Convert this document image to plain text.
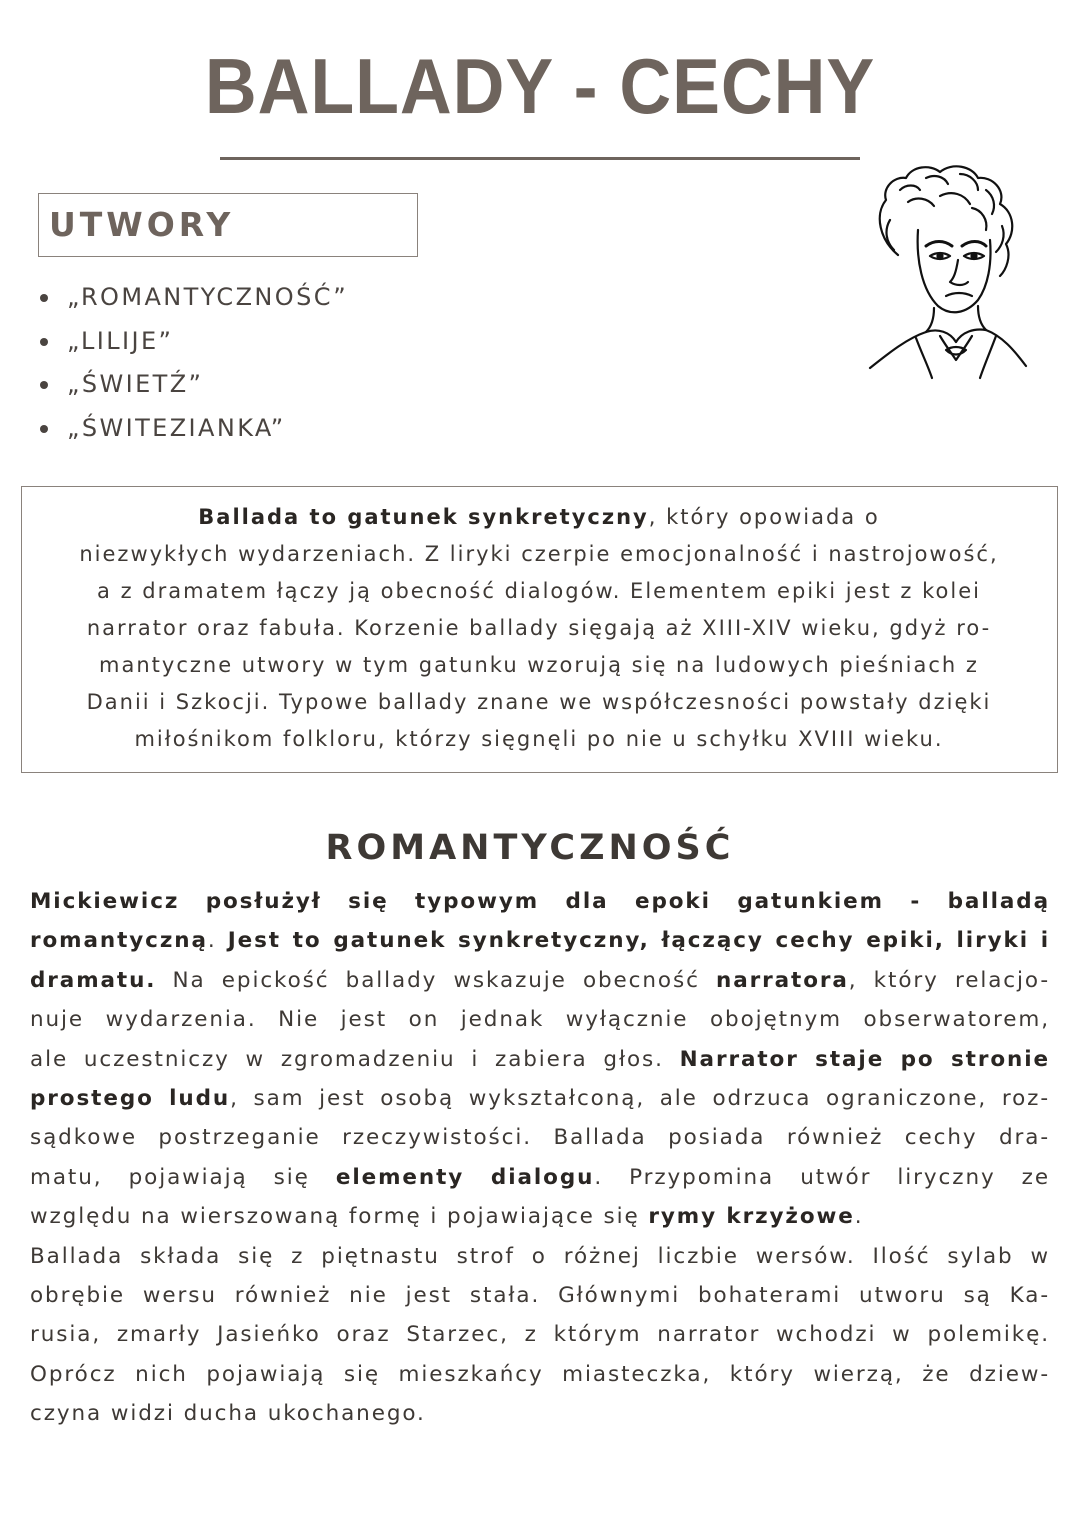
BALLADY - CECHY
UTWORY
„ROMANTYCZNOŚĆ”
„LILIJE”
„ŚWIETŹ”
„ŚWITEZIANKA”

Ballada to gatunek synkretyczny, który opowiada o
niezwykłych wydarzeniach. Z liryki czerpie emocjonalność i nastrojowość,
a z dramatem łączy ją obecność dialogów. Elementem epiki jest z kolei
narrator oraz fabuła. Korzenie ballady sięgają aż XIII-XIV wieku, gdyż ro-
mantyczne utwory w tym gatunku wzorują się na ludowych pieśniach z
Danii i Szkocji. Typowe ballady znane we współczesności powstały dzięki
miłośnikom folkloru, którzy sięgnęli po nie u schyłku XVIII wieku.

ROMANTYCZNOŚĆ

Mickiewicz posłużył się typowym dla epoki gatunkiem - balladą
romantyczną. Jest to gatunek synkretyczny, łączący cechy epiki, liryki i
dramatu. Na epickość ballady wskazuje obecność narratora, który relacjo-
nuje wydarzenia. Nie jest on jednak wyłącznie obojętnym obserwatorem,
ale uczestniczy w zgromadzeniu i zabiera głos. Narrator staje po stronie
prostego ludu, sam jest osobą wykształconą, ale odrzuca ograniczone, roz-
sądkowe postrzeganie rzeczywistości. Ballada posiada również cechy dra-
matu, pojawiają się elementy dialogu. Przypomina utwór liryczny ze
względu na wierszowaną formę i pojawiające się rymy krzyżowe.
Ballada składa się z piętnastu strof o różnej liczbie wersów. Ilość sylab w
obrębie wersu również nie jest stała. Głównymi bohaterami utworu są Ka-
rusia, zmarły Jasieńko oraz Starzec, z którym narrator wchodzi w polemikę.
Oprócz nich pojawiają się mieszkańcy miasteczka, który wierzą, że dziew-
czyna widzi ducha ukochanego.
